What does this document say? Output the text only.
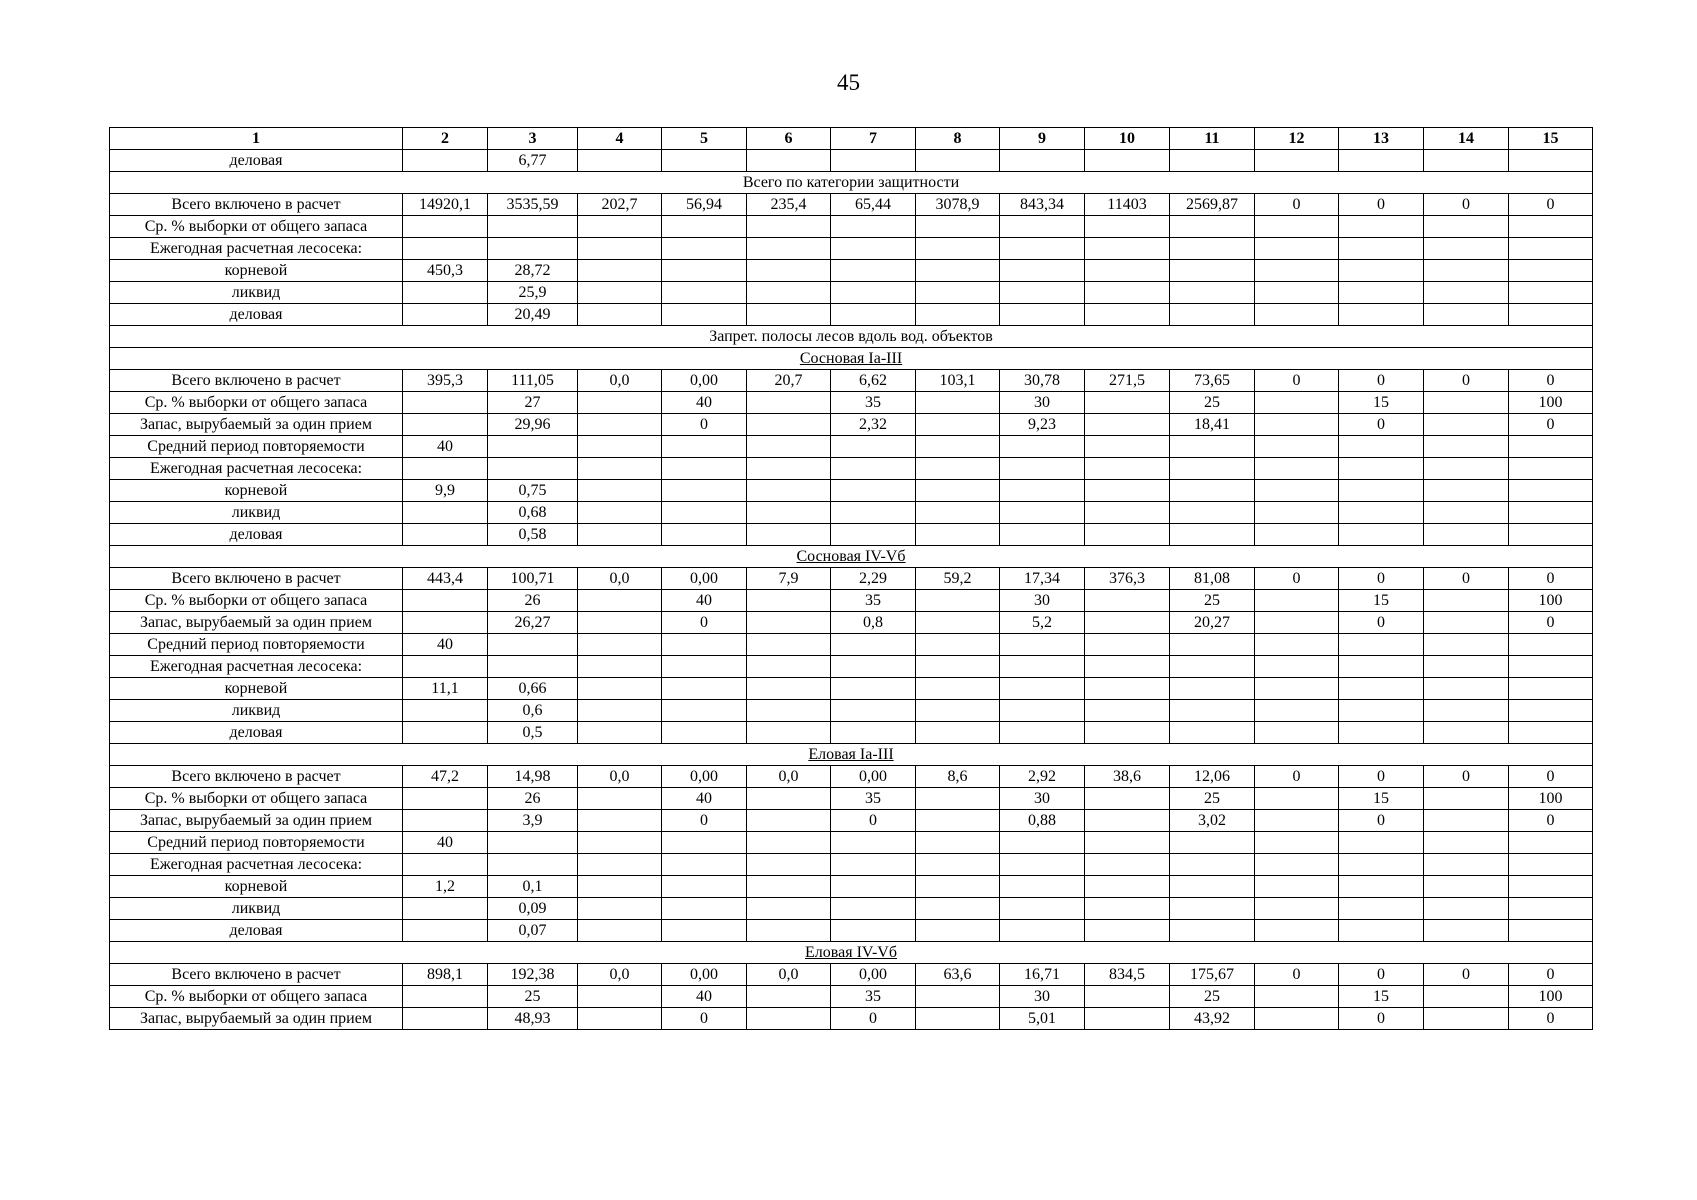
45
1	2	3	4	5	6	7	8	9	10	11	12	13	14	15
деловая		6,77												
Всего по категории защитности														
Всего включено в расчет	14920,1	3535,59	202,7	56,94	235,4	65,44	3078,9	843,34	11403	2569,87	0	0	0	0
Ср. % выборки от общего запаса														
Ежегодная расчетная лесосека:														
корневой	450,3	28,72												
ликвид		25,9												
деловая		20,49												
Запрет. полосы лесов вдоль вод. объектов														
Сосновая Ia-III														
Всего включено в расчет	395,3	111,05	0,0	0,00	20,7	6,62	103,1	30,78	271,5	73,65	0	0	0	0
Ср. % выборки от общего запаса		27		40		35		30		25		15		100
Запас, вырубаемый за один прием		29,96		0		2,32		9,23		18,41		0		0
Средний период повторяемости	40													
Ежегодная расчетная лесосека:														
корневой	9,9	0,75												
ликвид		0,68												
деловая		0,58												
Сосновая IV-Vб														
Всего включено в расчет	443,4	100,71	0,0	0,00	7,9	2,29	59,2	17,34	376,3	81,08	0	0	0	0
Ср. % выборки от общего запаса		26		40		35		30		25		15		100
Запас, вырубаемый за один прием		26,27		0		0,8		5,2		20,27		0		0
Средний период повторяемости	40													
Ежегодная расчетная лесосека:														
корневой	11,1	0,66												
ликвид		0,6												
деловая		0,5												
Еловая Ia-III														
Всего включено в расчет	47,2	14,98	0,0	0,00	0,0	0,00	8,6	2,92	38,6	12,06	0	0	0	0
Ср. % выборки от общего запаса		26		40		35		30		25		15		100
Запас, вырубаемый за один прием		3,9		0		0		0,88		3,02		0		0
Средний период повторяемости	40													
Ежегодная расчетная лесосека:														
корневой	1,2	0,1												
ликвид		0,09												
деловая		0,07												
Еловая IV-Vб														
Всего включено в расчет	898,1	192,38	0,0	0,00	0,0	0,00	63,6	16,71	834,5	175,67	0	0	0	0
Ср. % выборки от общего запаса		25		40		35		30		25		15		100
Запас, вырубаемый за один прием		48,93		0		0		5,01		43,92		0		0
